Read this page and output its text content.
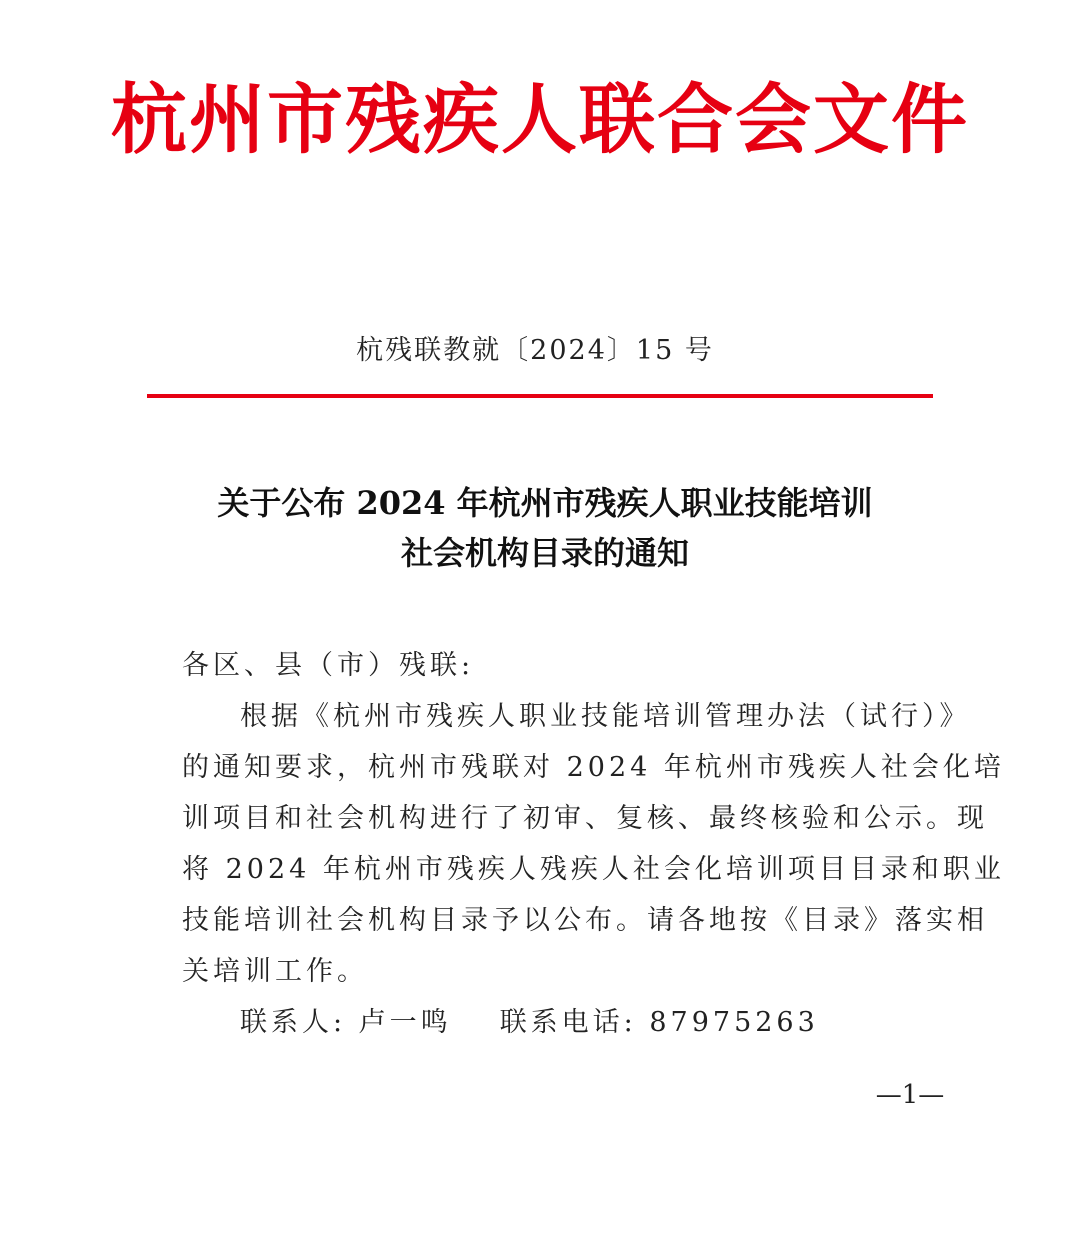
杭州市残疾人联合会文件
杭残联教就〔2024〕15 号
关于公布 2024 年杭州市残疾人职业技能培训
社会机构目录的通知
各区、县（市）残联:
根据《杭州市残疾人职业技能培训管理办法（试行）》
的通知要求，杭州市残联对 2024 年杭州市残疾人社会化培
训项目和社会机构进行了初审、复核、最终核验和公示。现
将 2024 年杭州市残疾人残疾人社会化培训项目目录和职业
技能培训社会机构目录予以公布。请各地按《目录》落实相
关培训工作。
联系人: 卢一鸣 联系电话: 87975263
—1—
